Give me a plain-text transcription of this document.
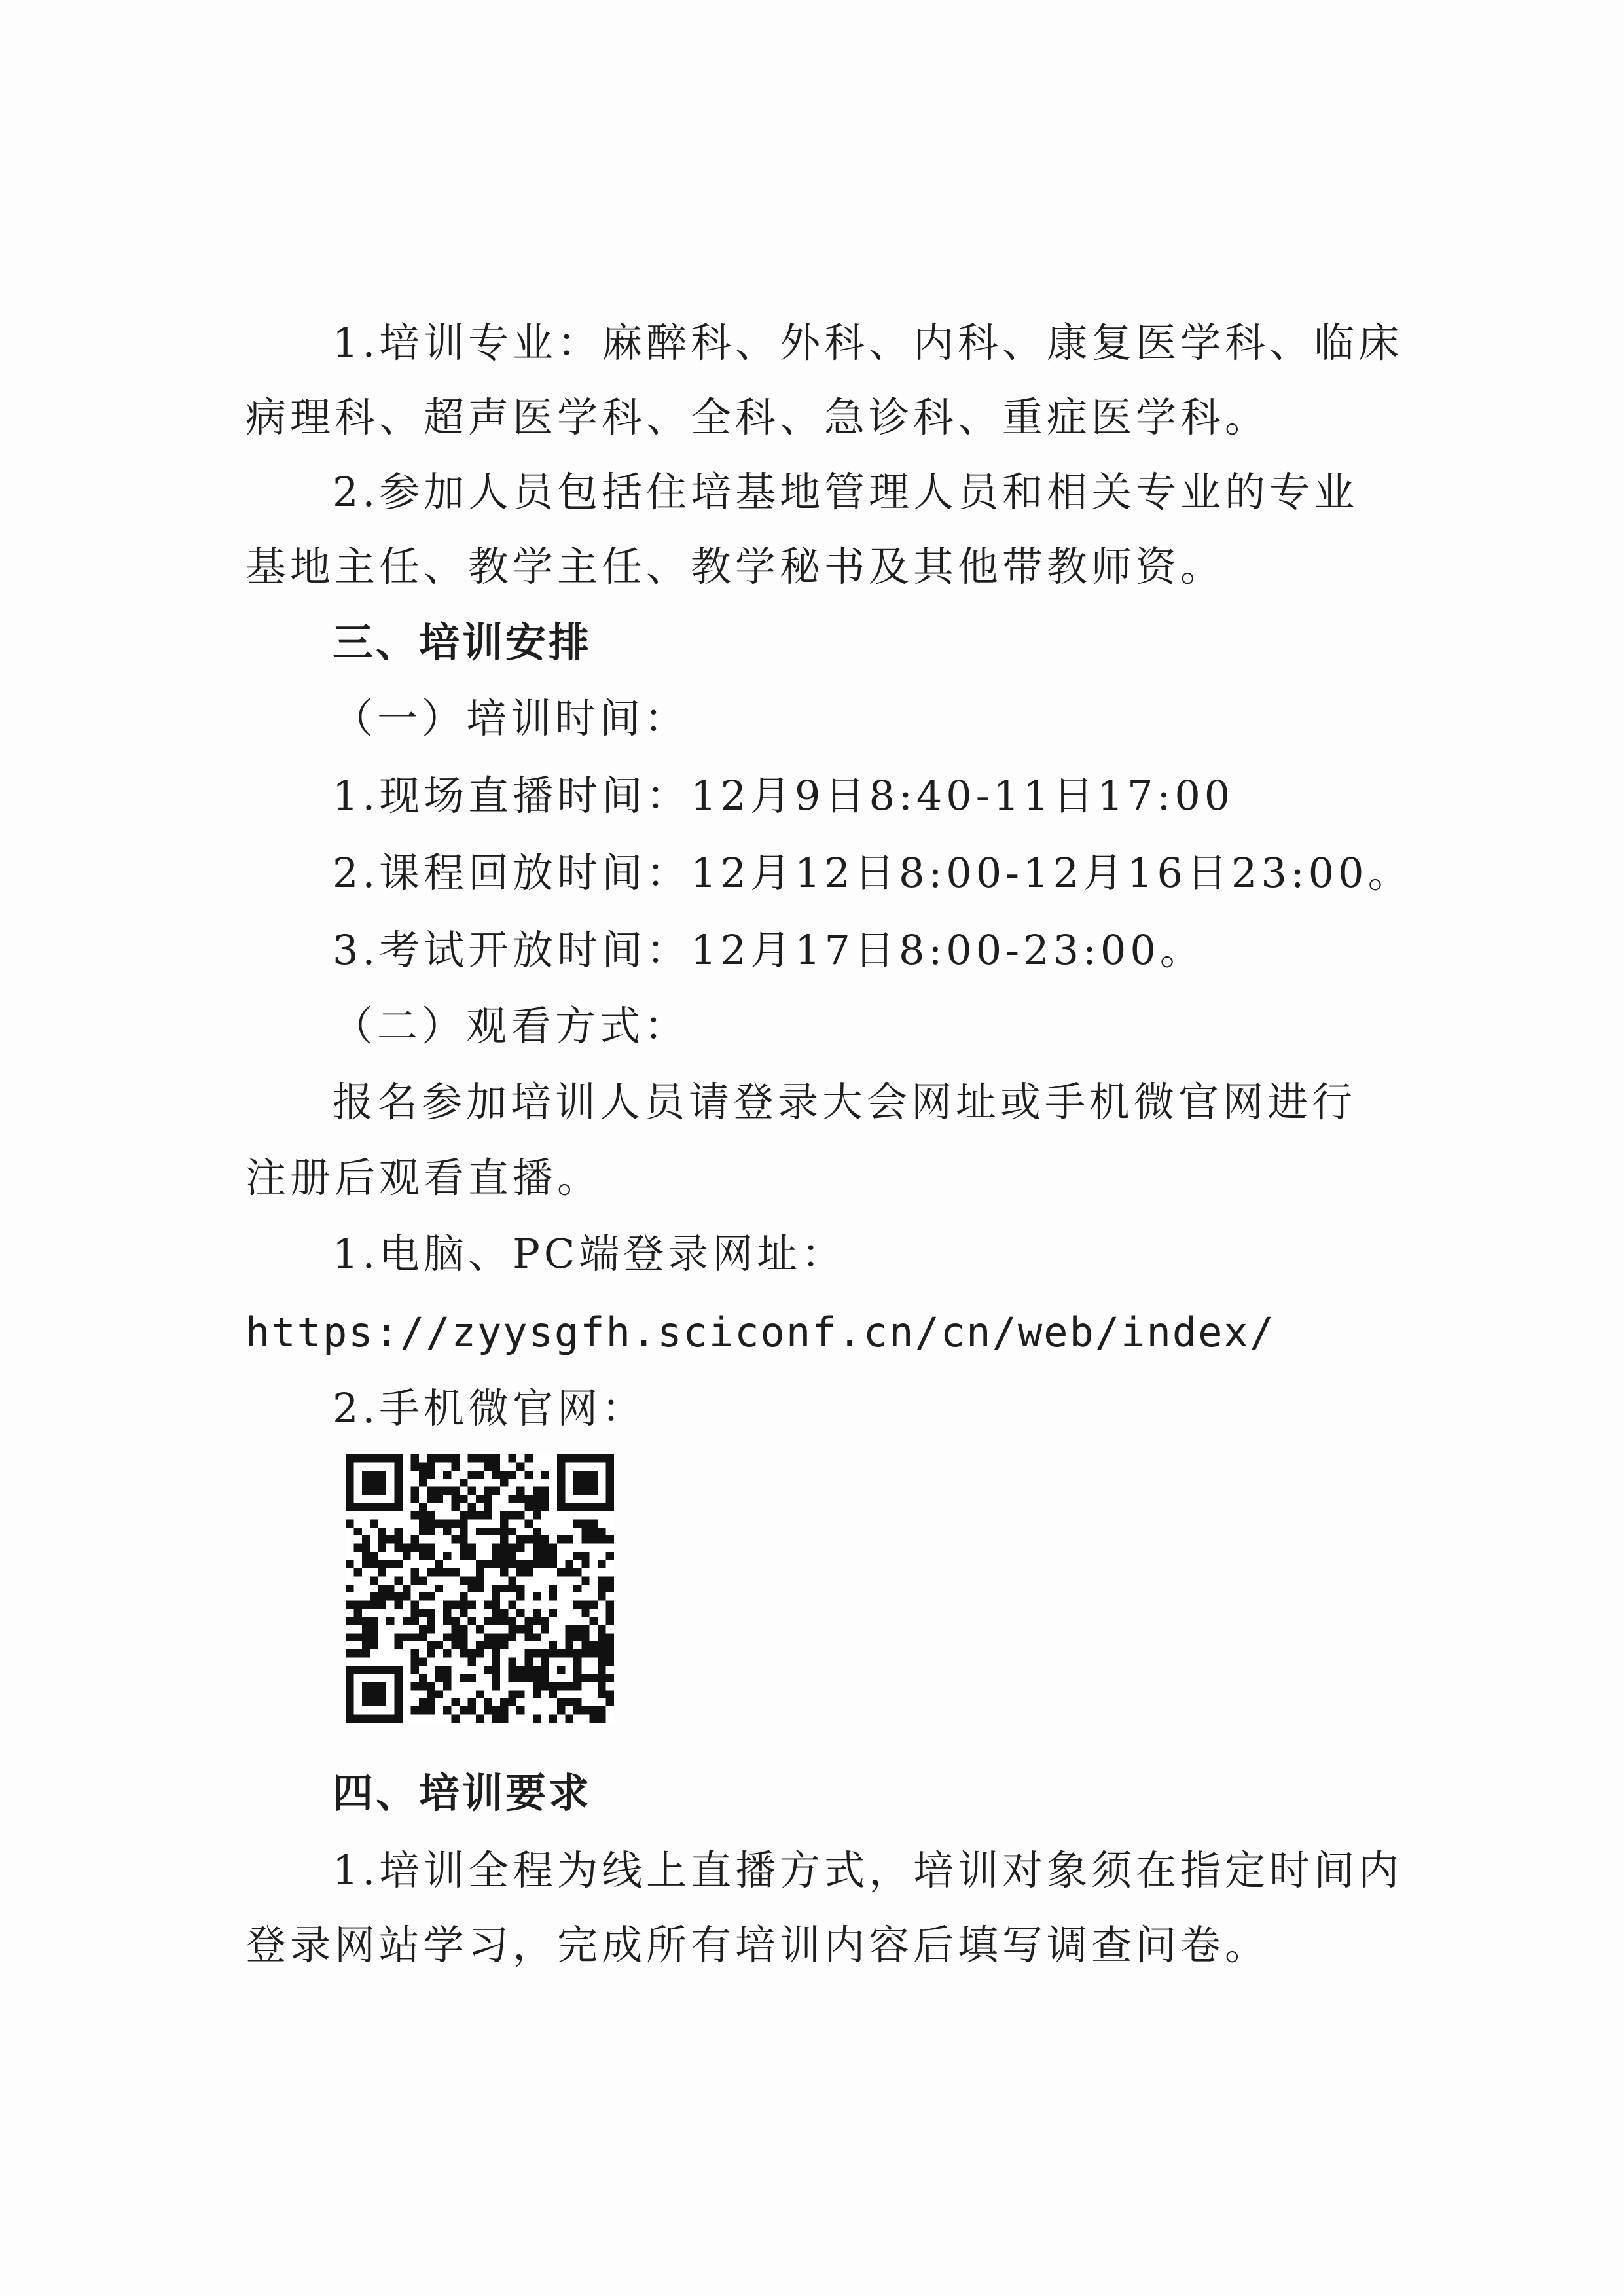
1.培训专业：麻醉科、外科、内科、康复医学科、临床
病理科、超声医学科、全科、急诊科、重症医学科。
2.参加人员包括住培基地管理人员和相关专业的专业
基地主任、教学主任、教学秘书及其他带教师资。
三、培训安排
（一）培训时间：
1.现场直播时间：12月9日8:40-11日17:00
2.课程回放时间：12月12日8:00-12月16日23:00。
3.考试开放时间：12月17日8:00-23:00。
（二）观看方式：
报名参加培训人员请登录大会网址或手机微官网进行
注册后观看直播。
1.电脑、PC端登录网址：
https://zyysgfh.sciconf.cn/cn/web/index/
2.手机微官网：
四、培训要求
1.培训全程为线上直播方式，培训对象须在指定时间内
登录网站学习，完成所有培训内容后填写调查问卷。
